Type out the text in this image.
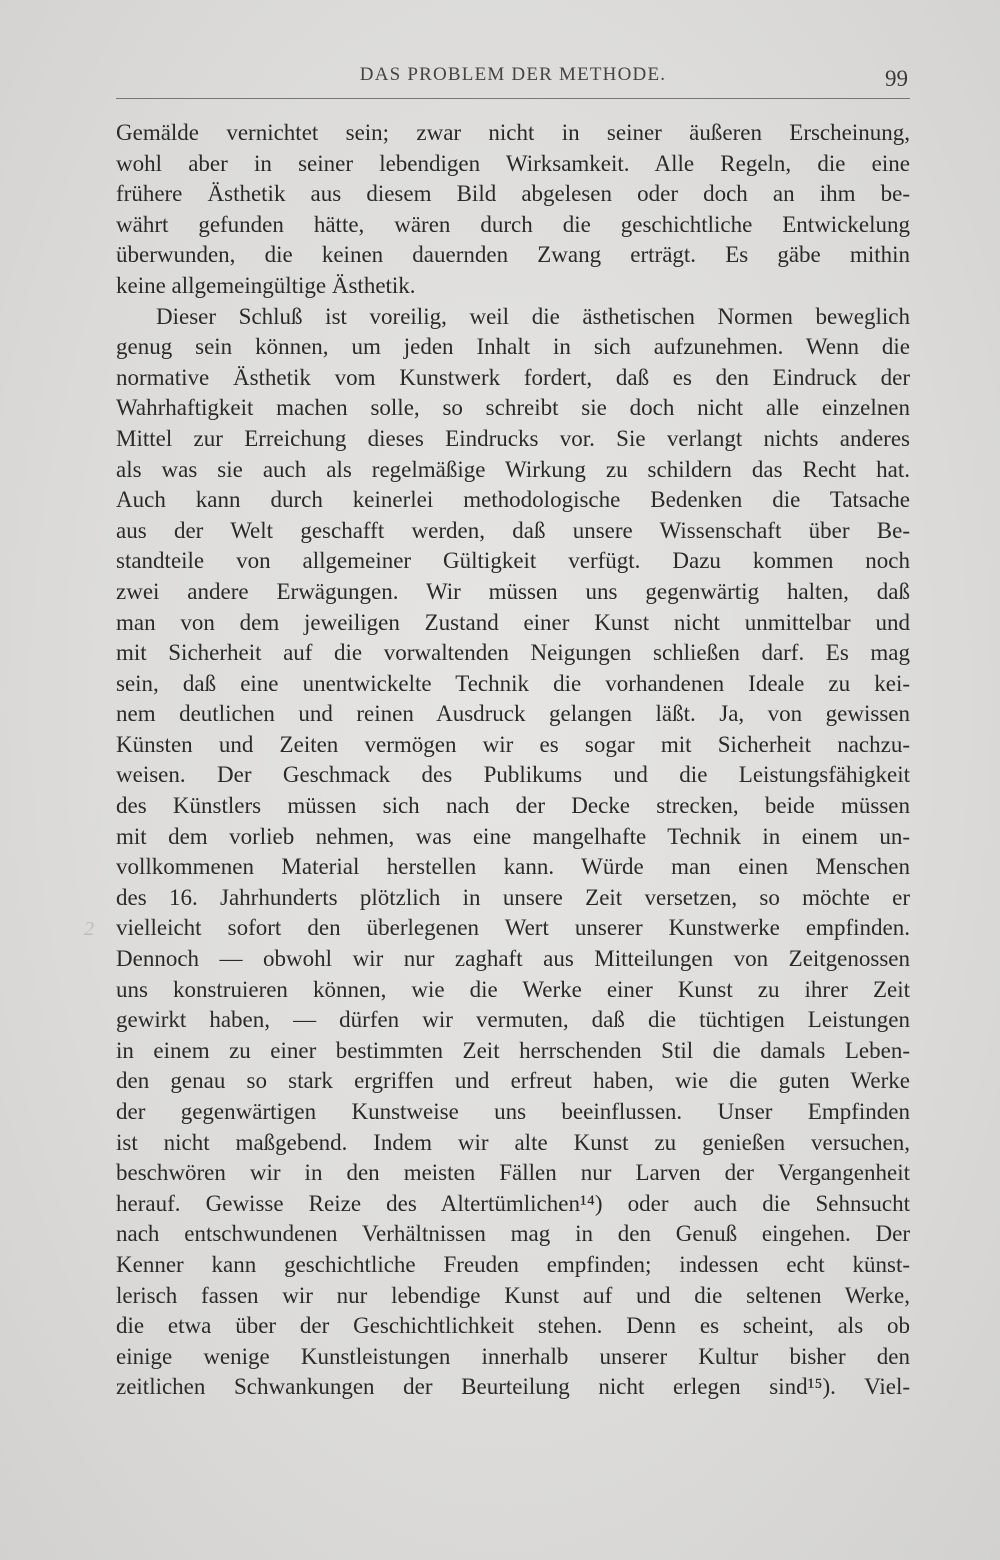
DAS PROBLEM DER METHODE.	99
2
Gemälde vernichtet sein; zwar nicht in seiner äußeren Erscheinung,
wohl aber in seiner lebendigen Wirksamkeit. Alle Regeln, die eine
frühere Ästhetik aus diesem Bild abgelesen oder doch an ihm be-
währt gefunden hätte, wären durch die geschichtliche Entwickelung
überwunden, die keinen dauernden Zwang erträgt. Es gäbe mithin
keine allgemeingültige Ästhetik.
Dieser Schluß ist voreilig, weil die ästhetischen Normen beweglich
genug sein können, um jeden Inhalt in sich aufzunehmen. Wenn die
normative Ästhetik vom Kunstwerk fordert, daß es den Eindruck der
Wahrhaftigkeit machen solle, so schreibt sie doch nicht alle einzelnen
Mittel zur Erreichung dieses Eindrucks vor. Sie verlangt nichts anderes
als was sie auch als regelmäßige Wirkung zu schildern das Recht hat.
Auch kann durch keinerlei methodologische Bedenken die Tatsache
aus der Welt geschafft werden, daß unsere Wissenschaft über Be-
standteile von allgemeiner Gültigkeit verfügt. Dazu kommen noch
zwei andere Erwägungen. Wir müssen uns gegenwärtig halten, daß
man von dem jeweiligen Zustand einer Kunst nicht unmittelbar und
mit Sicherheit auf die vorwaltenden Neigungen schließen darf. Es mag
sein, daß eine unentwickelte Technik die vorhandenen Ideale zu kei-
nem deutlichen und reinen Ausdruck gelangen läßt. Ja, von gewissen
Künsten und Zeiten vermögen wir es sogar mit Sicherheit nachzu-
weisen. Der Geschmack des Publikums und die Leistungsfähigkeit
des Künstlers müssen sich nach der Decke strecken, beide müssen
mit dem vorlieb nehmen, was eine mangelhafte Technik in einem un-
vollkommenen Material herstellen kann. Würde man einen Menschen
des 16. Jahrhunderts plötzlich in unsere Zeit versetzen, so möchte er
vielleicht sofort den überlegenen Wert unserer Kunstwerke empfinden.
Dennoch — obwohl wir nur zaghaft aus Mitteilungen von Zeitgenossen
uns konstruieren können, wie die Werke einer Kunst zu ihrer Zeit
gewirkt haben, — dürfen wir vermuten, daß die tüchtigen Leistungen
in einem zu einer bestimmten Zeit herrschenden Stil die damals Leben-
den genau so stark ergriffen und erfreut haben, wie die guten Werke
der gegenwärtigen Kunstweise uns beeinflussen. Unser Empfinden
ist nicht maßgebend. Indem wir alte Kunst zu genießen versuchen,
beschwören wir in den meisten Fällen nur Larven der Vergangenheit
herauf. Gewisse Reize des Altertümlichen¹⁴) oder auch die Sehnsucht
nach entschwundenen Verhältnissen mag in den Genuß eingehen. Der
Kenner kann geschichtliche Freuden empfinden; indessen echt künst-
lerisch fassen wir nur lebendige Kunst auf und die seltenen Werke,
die etwa über der Geschichtlichkeit stehen. Denn es scheint, als ob
einige wenige Kunstleistungen innerhalb unserer Kultur bisher den
zeitlichen Schwankungen der Beurteilung nicht erlegen sind¹⁵). Viel-
